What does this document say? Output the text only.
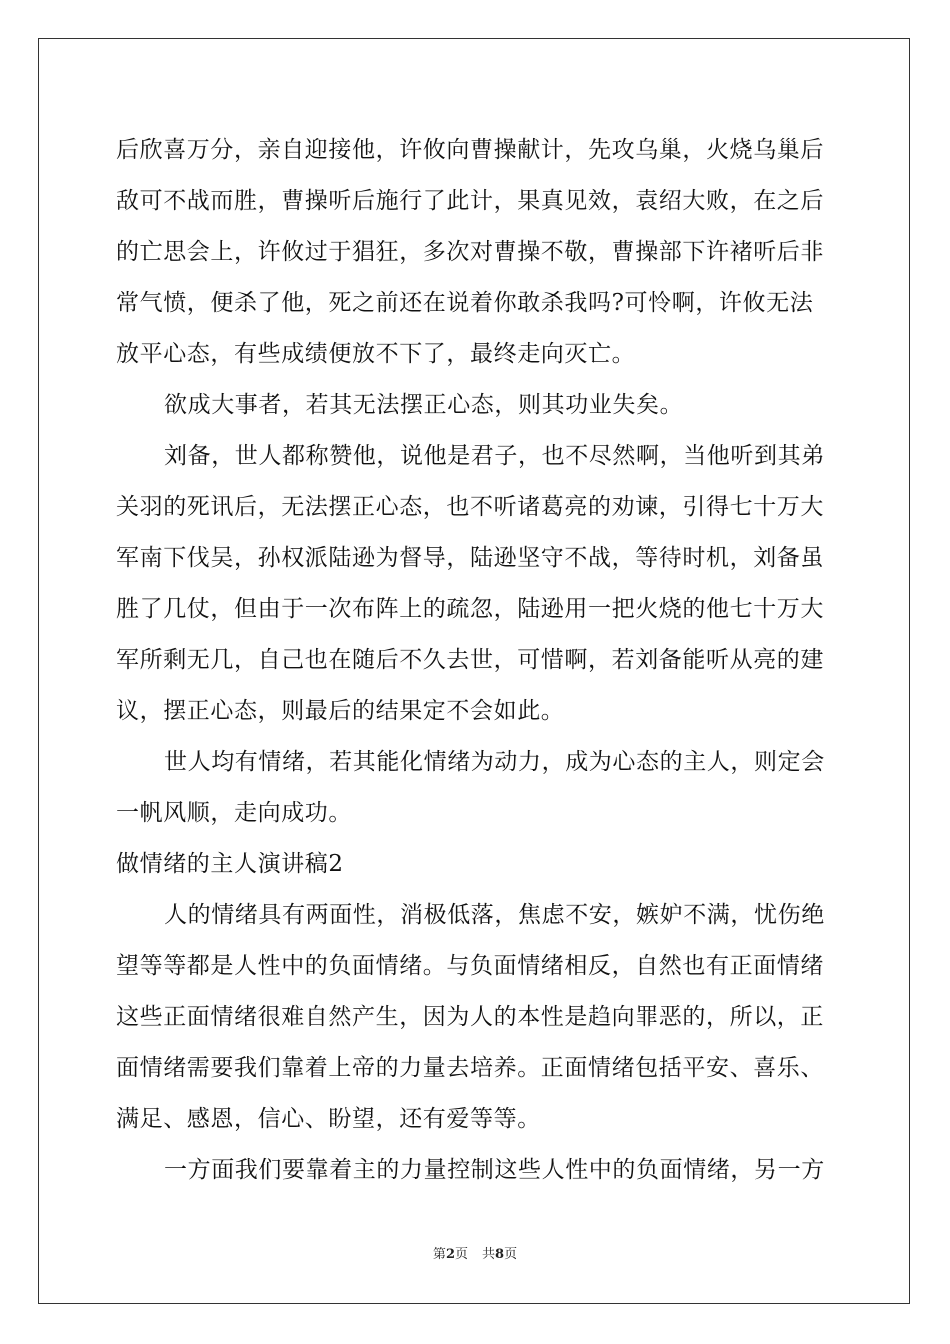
后欣喜万分，亲自迎接他，许攸向曹操献计，先攻乌巢，火烧乌巢后
敌可不战而胜，曹操听后施行了此计，果真见效，袁绍大败，在之后
的亡思会上，许攸过于猖狂，多次对曹操不敬，曹操部下许褚听后非
常气愤，便杀了他，死之前还在说着你敢杀我吗?可怜啊，许攸无法
放平心态，有些成绩便放不下了，最终走向灭亡。
欲成大事者，若其无法摆正心态，则其功业失矣。
刘备，世人都称赞他，说他是君子，也不尽然啊，当他听到其弟
关羽的死讯后，无法摆正心态，也不听诸葛亮的劝谏，引得七十万大
军南下伐吴，孙权派陆逊为督导，陆逊坚守不战，等待时机，刘备虽
胜了几仗，但由于一次布阵上的疏忽，陆逊用一把火烧的他七十万大
军所剩无几，自己也在随后不久去世，可惜啊，若刘备能听从亮的建
议，摆正心态，则最后的结果定不会如此。
世人均有情绪，若其能化情绪为动力，成为心态的主人，则定会
一帆风顺，走向成功。
做情绪的主人演讲稿2
人的情绪具有两面性，消极低落，焦虑不安，嫉妒不满，忧伤绝
望等等都是人性中的负面情绪。与负面情绪相反，自然也有正面情绪
这些正面情绪很难自然产生，因为人的本性是趋向罪恶的，所以，正
面情绪需要我们靠着上帝的力量去培养。正面情绪包括平安、喜乐、
满足、感恩，信心、盼望，还有爱等等。
一方面我们要靠着主的力量控制这些人性中的负面情绪，另一方
第2页 共8页
